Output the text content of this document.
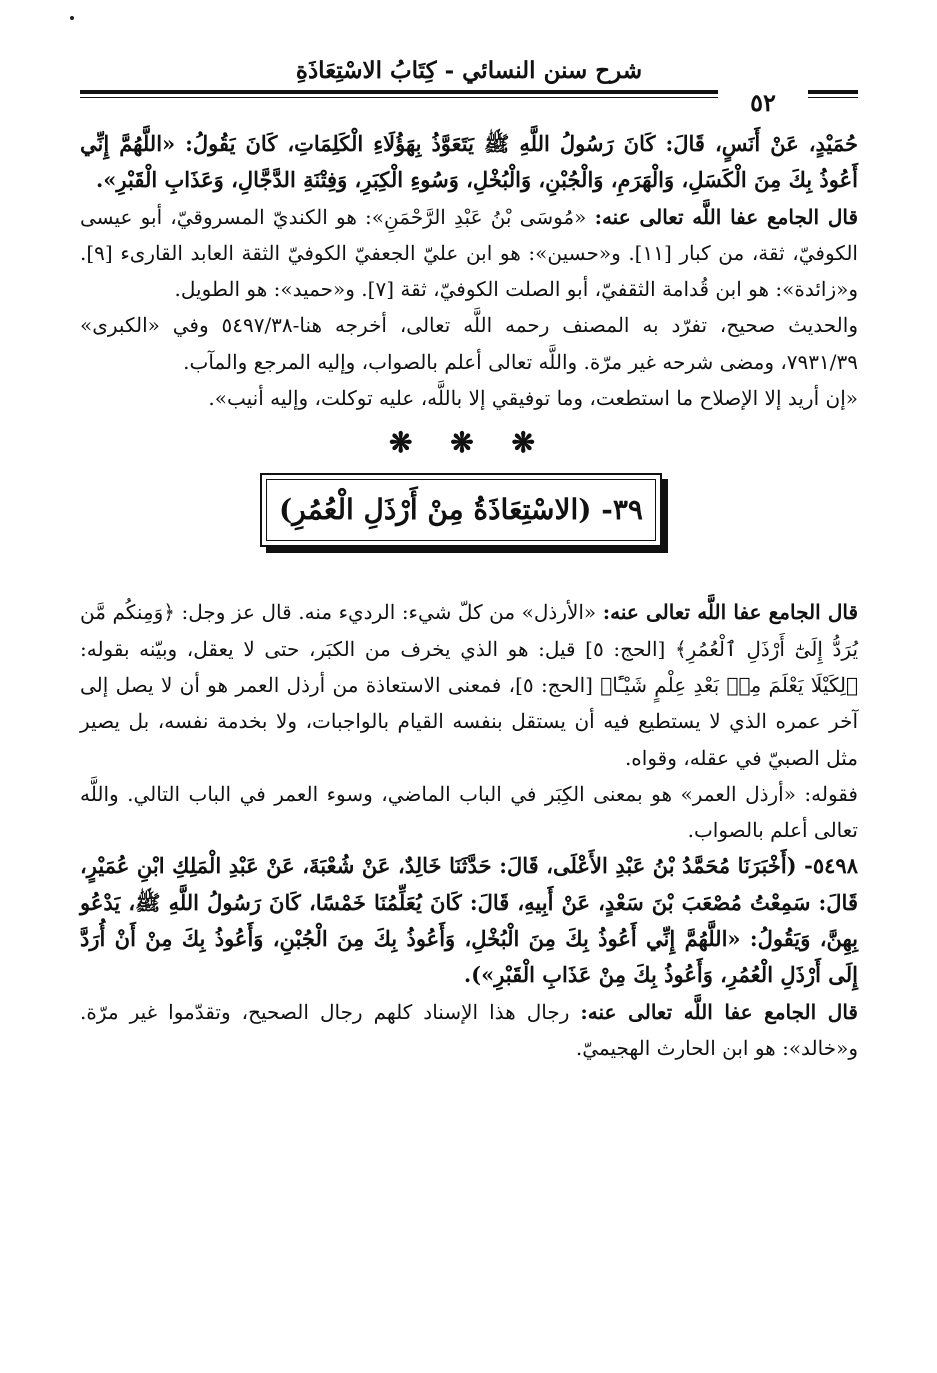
شرح سنن النسائي - كِتَابُ الاسْتِعَاذَةِ
٥٢

حُمَيْدٍ، عَنْ أَنَسٍ، قَالَ: كَانَ رَسُولُ اللَّهِ ﷺ يَتَعَوَّذُ بِهَؤُلَاءِ الْكَلِمَاتِ، كَانَ يَقُولُ: «اللَّهُمَّ إِنِّي أَعُوذُ بِكَ مِنَ الْكَسَلِ، وَالْهَرَمِ، وَالْجُبْنِ، وَالْبُخْلِ، وَسُوءِ الْكِبَرِ، وَفِتْنَةِ الدَّجَّالِ، وَعَذَابِ الْقَبْرِ».

قال الجامع عفا اللَّه تعالى عنه: «مُوسَى بْنُ عَبْدِ الرَّحْمَنِ»: هو الكنديّ المسروقيّ، أبو عيسى الكوفيّ، ثقة، من كبار [١١]. و«حسين»: هو ابن عليّ الجعفيّ الكوفيّ الثقة العابد القارىء [٩]. و«زائدة»: هو ابن قُدامة الثقفيّ، أبو الصلت الكوفيّ، ثقة [٧]. و«حميد»: هو الطويل.

والحديث صحيح، تفرّد به المصنف رحمه اللَّه تعالى، أخرجه هنا-٥٤٩٧/٣٨ وفي «الكبرى» ٧٩٣١/٣٩، ومضى شرحه غير مرّة. واللَّه تعالى أعلم بالصواب، وإليه المرجع والمآب.

«إن أريد إلا الإصلاح ما استطعت، وما توفيقي إلا باللَّه، عليه توكلت، وإليه أنيب».

❋ ❋ ❋
٣٩- (الاسْتِعَاذَةُ مِنْ أَرْذَلِ الْعُمُرِ)

قال الجامع عفا اللَّه تعالى عنه: «الأرذل» من كلّ شيء: الرديء منه. قال عز وجل: ﴿وَمِنكُم مَّن يُرَدُّ إِلَىٰٓ أَرْذَلِ ٱلْعُمُرِ﴾ [الحج: ٥] قيل: هو الذي يخرف من الكبَر، حتى لا يعقل، وبيّنه بقوله: ﴿لِكَيْلَا يَعْلَمَ مِنۢ بَعْدِ عِلْمٍ شَيْـًٔا﴾ [الحج: ٥]، فمعنى الاستعاذة من أرذل العمر هو أن لا يصل إلى آخر عمره الذي لا يستطيع فيه أن يستقل بنفسه القيام بالواجبات، ولا بخدمة نفسه، بل يصير مثل الصبيّ في عقله، وقواه.

فقوله: «أرذل العمر» هو بمعنى الكِبَر في الباب الماضي، وسوء العمر في الباب التالي. واللَّه تعالى أعلم بالصواب.

٥٤٩٨- (أَخْبَرَنَا مُحَمَّدُ بْنُ عَبْدِ الأَعْلَى، قَالَ: حَدَّثَنَا خَالِدٌ، عَنْ شُعْبَةَ، عَنْ عَبْدِ الْمَلِكِ ابْنِ عُمَيْرٍ، قَالَ: سَمِعْتُ مُصْعَبَ بْنَ سَعْدٍ، عَنْ أَبِيهِ، قَالَ: كَانَ يُعَلِّمُنَا خَمْسًا، كَانَ رَسُولُ اللَّهِ ﷺ، يَدْعُو بِهِنَّ، وَيَقُولُ: «اللَّهُمَّ إِنِّي أَعُوذُ بِكَ مِنَ الْبُخْلِ، وَأَعُوذُ بِكَ مِنَ الْجُبْنِ، وَأَعُوذُ بِكَ مِنْ أَنْ أُرَدَّ إِلَى أَرْذَلِ الْعُمُرِ، وَأَعُوذُ بِكَ مِنْ عَذَابِ الْقَبْرِ»).

قال الجامع عفا اللَّه تعالى عنه: رجال هذا الإسناد كلهم رجال الصحيح، وتقدّموا غير مرّة. و«خالد»: هو ابن الحارث الهجيميّ.
